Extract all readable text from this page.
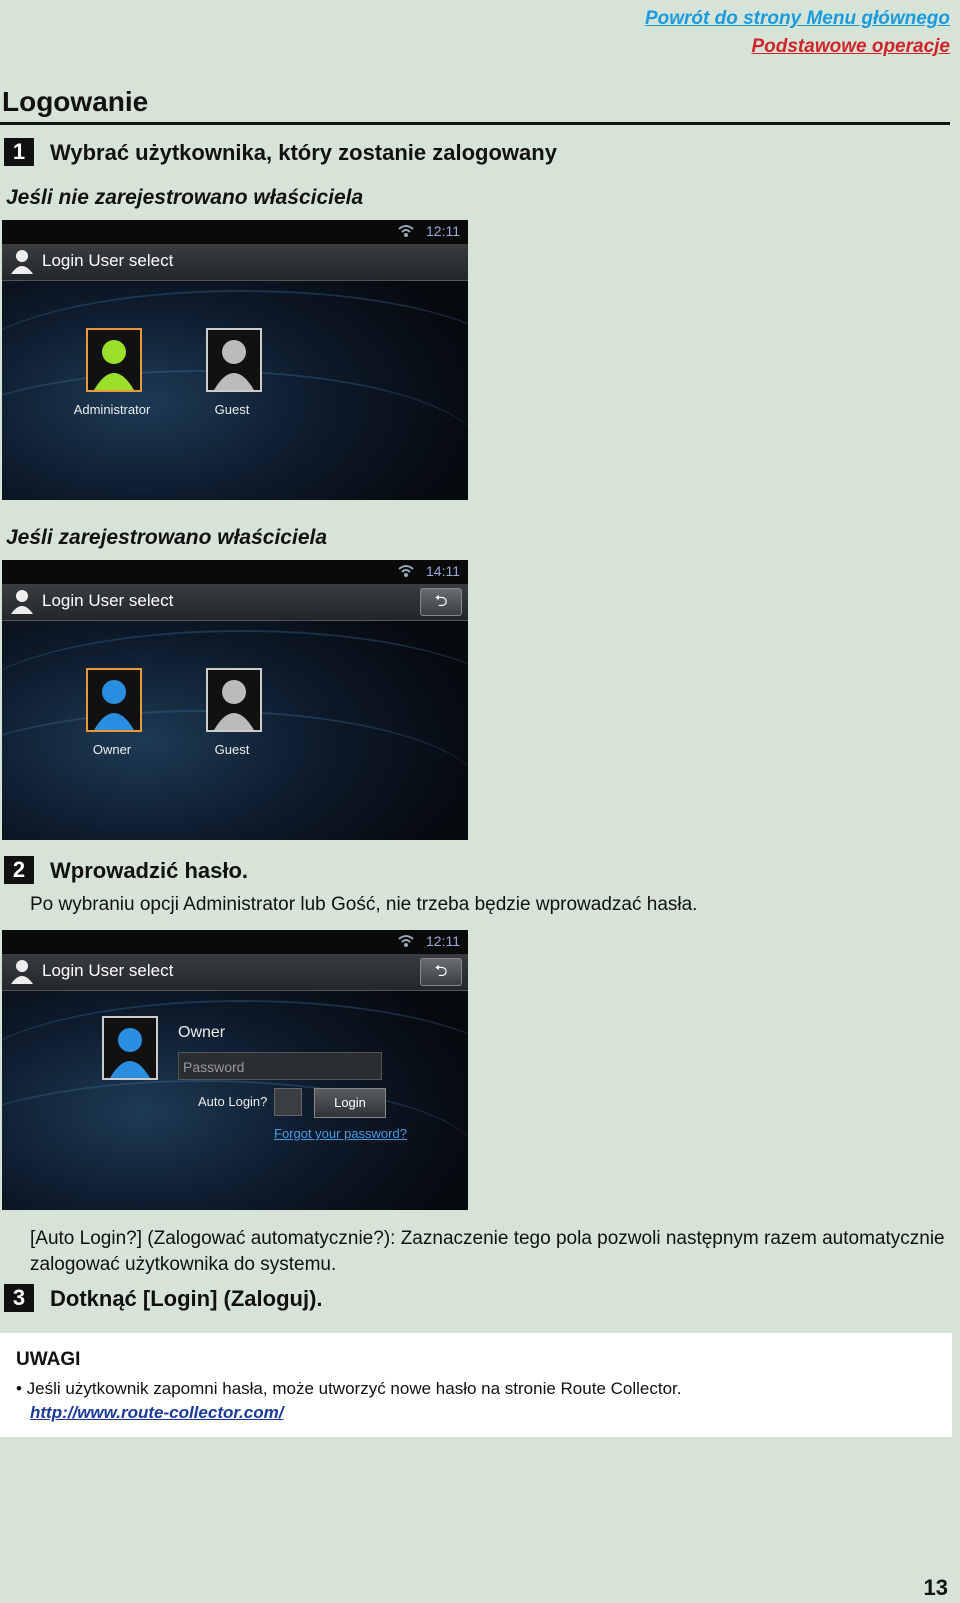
Powrót do strony Menu głównego
Podstawowe operacje
Logowanie
1	Wybrać użytkownika, który zostanie zalogowany
Jeśli nie zarejestrowano właściciela
12:11
Login User select
Administrator	Guest
Jeśli zarejestrowano właściciela
14:11
Login User select	⮌
Owner	Guest
2	Wprowadzić hasło.
Po wybraniu opcji Administrator lub Gość, nie trzeba będzie wprowadzać hasła.
12:11
Login User select	⮌
Owner
Password
Auto Login?	Login
Forgot your password?
[Auto Login?] (Zalogować automatycznie?): Zaznaczenie tego pola pozwoli następnym razem automatycznie zalogować użytkownika do systemu.
3	Dotknąć [Login] (Zaloguj).
UWAGI
• Jeśli użytkownik zapomni hasła, może utworzyć nowe hasło na stronie Route Collector.
http://www.route-collector.com/
13
